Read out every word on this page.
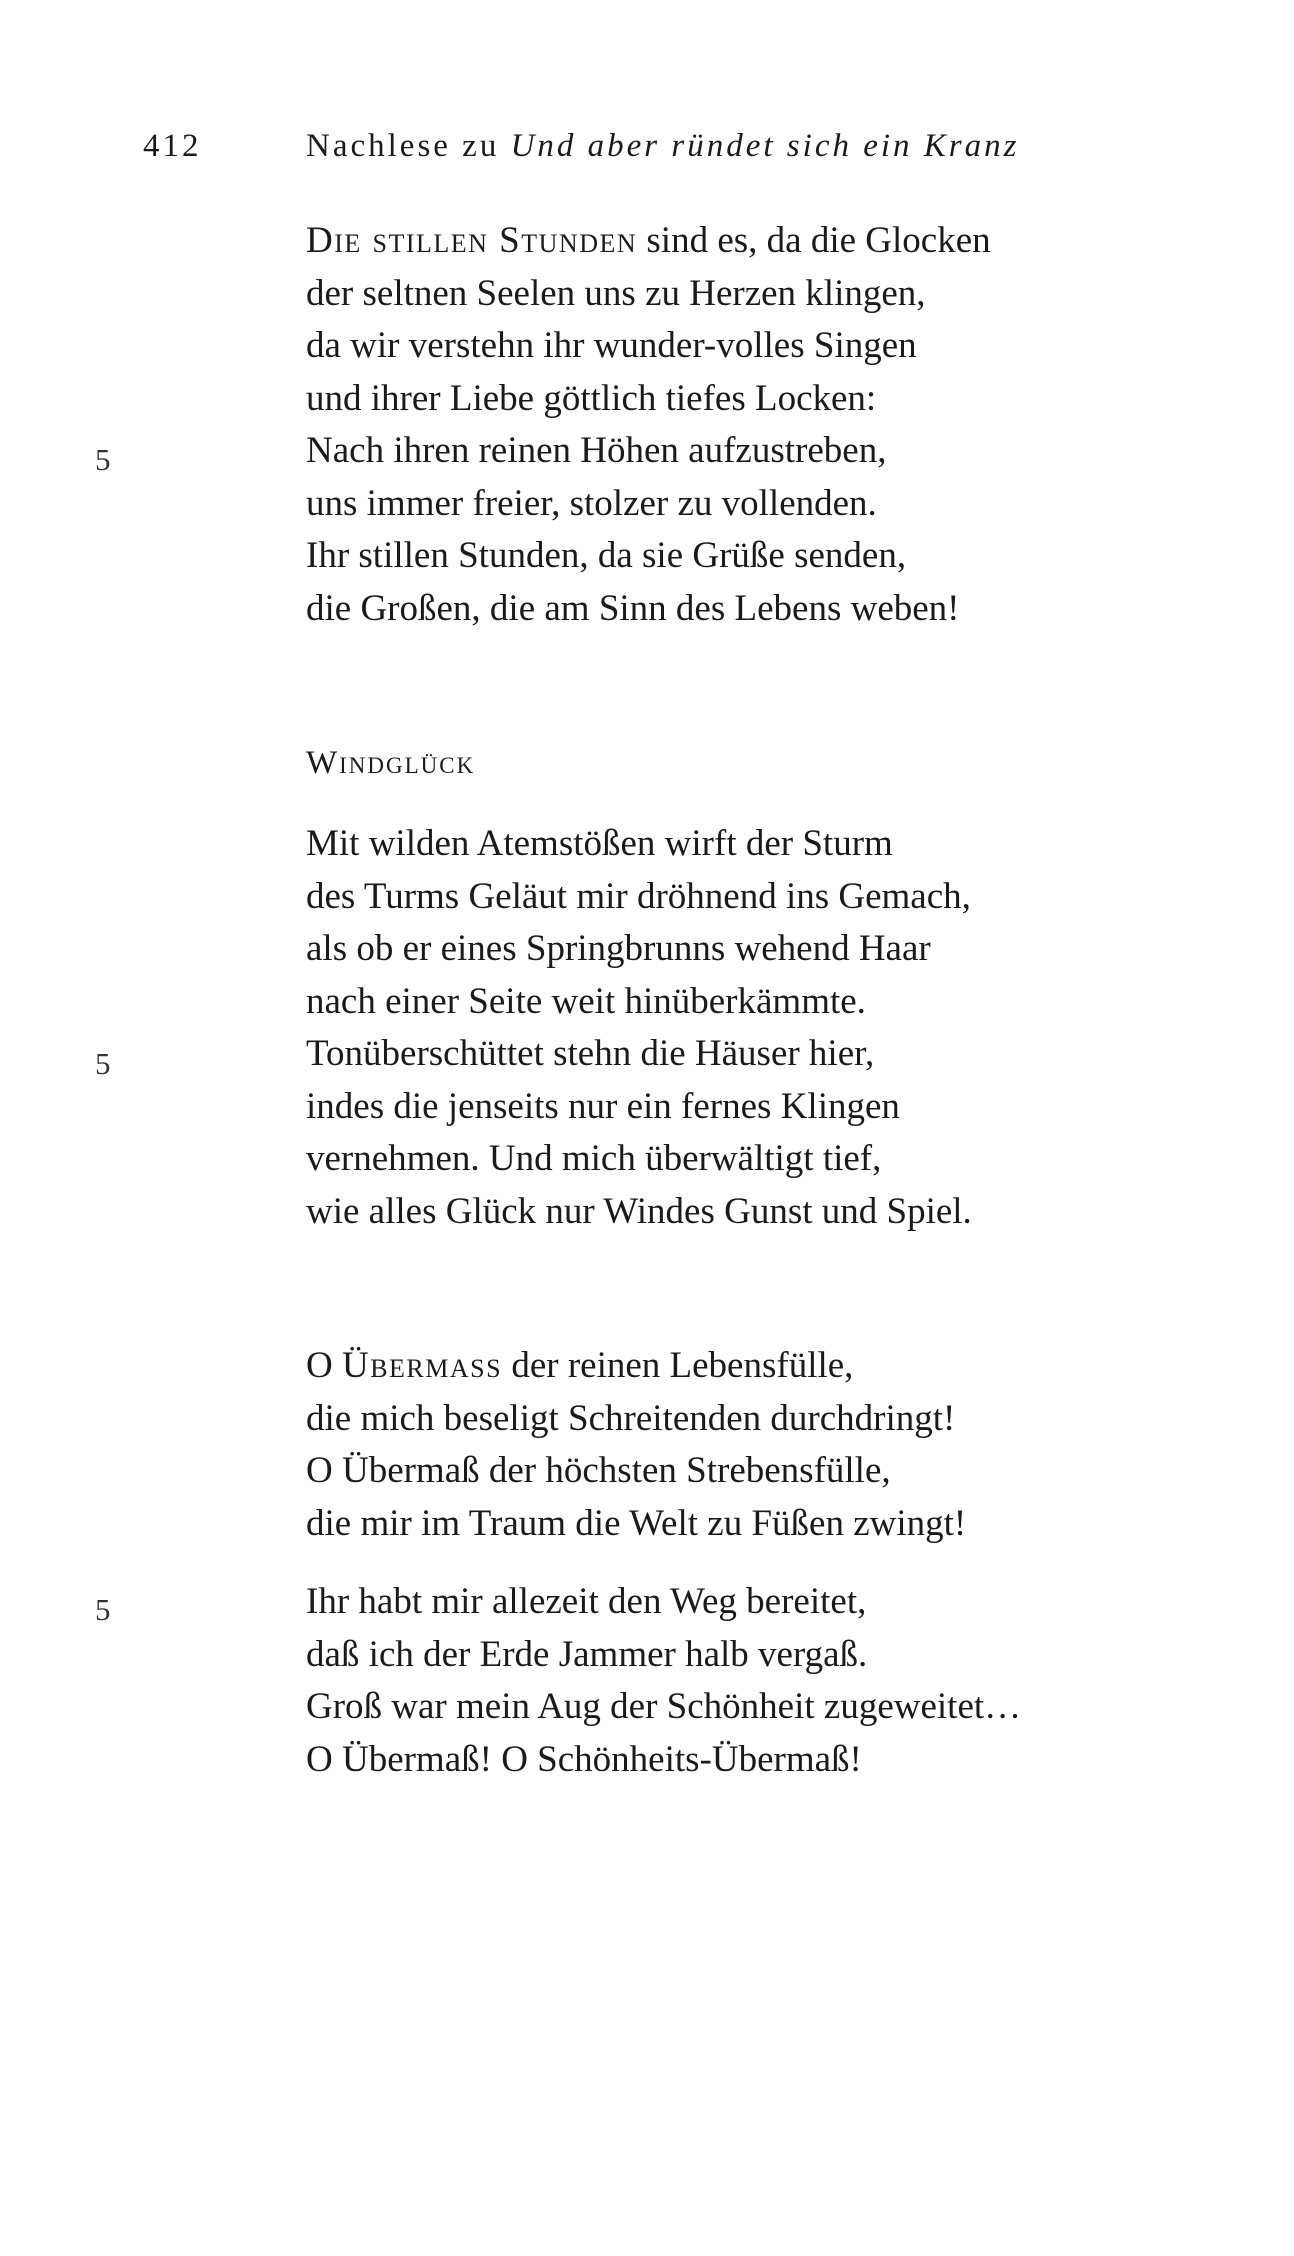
412	Nachlese zu Und aber ründet sich ein Kranz
Die stillen Stunden sind es, da die Glocken
der seltnen Seelen uns zu Herzen klingen,
da wir verstehn ihr wunder-volles Singen
und ihrer Liebe göttlich tiefes Locken:
Nach ihren reinen Höhen aufzustreben,
uns immer freier, stolzer zu vollenden.
Ihr stillen Stunden, da sie Grüße senden,
die Großen, die am Sinn des Lebens weben!
5
Windglück
Mit wilden Atemstößen wirft der Sturm
des Turms Geläut mir dröhnend ins Gemach,
als ob er eines Springbrunns wehend Haar
nach einer Seite weit hinüberkämmte.
Tonüberschüttet stehn die Häuser hier,
indes die jenseits nur ein fernes Klingen
vernehmen. Und mich überwältigt tief,
wie alles Glück nur Windes Gunst und Spiel.
5
O Übermass der reinen Lebensfülle,
die mich beseligt Schreitenden durchdringt!
O Übermaß der höchsten Strebensfülle,
die mir im Traum die Welt zu Füßen zwingt!
Ihr habt mir allezeit den Weg bereitet,
daß ich der Erde Jammer halb vergaß.
Groß war mein Aug der Schönheit zugeweitet…
O Übermaß! O Schönheits-Übermaß!
5
